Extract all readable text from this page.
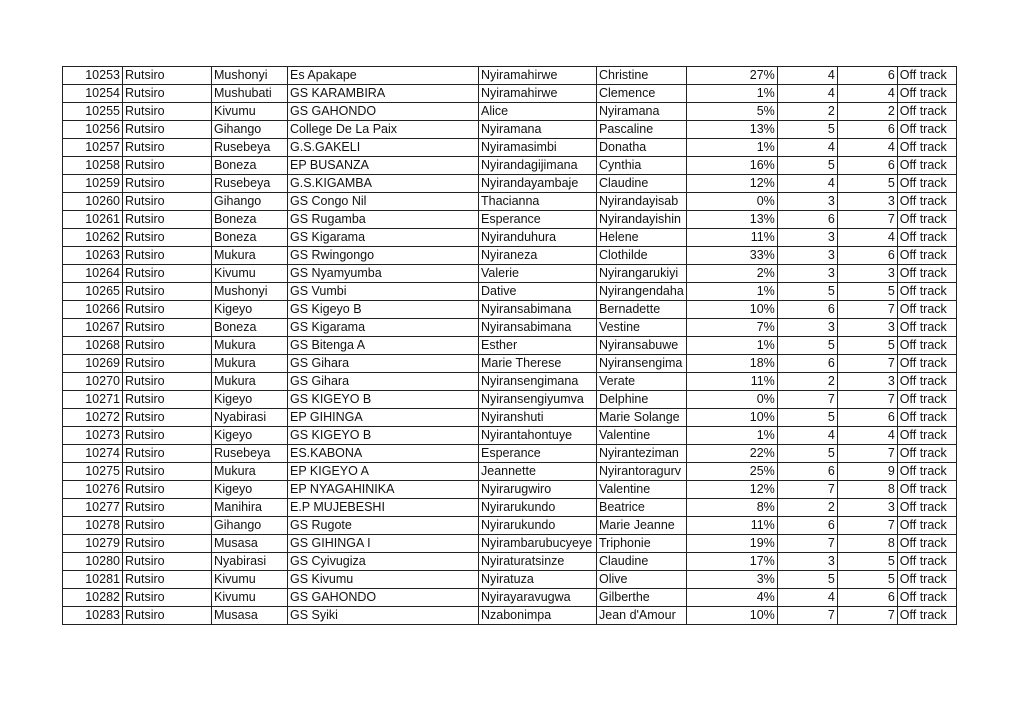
10253	Rutsiro	Mushonyi	Es Apakape	Nyiramahirwe	Christine	27%	4	6	Off track
10254	Rutsiro	Mushubati	GS KARAMBIRA	Nyiramahirwe	Clemence	1%	4	4	Off track
10255	Rutsiro	Kivumu	GS GAHONDO	Alice	Nyiramana	5%	2	2	Off track
10256	Rutsiro	Gihango	College De La Paix	Nyiramana	Pascaline	13%	5	6	Off track
10257	Rutsiro	Rusebeya	G.S.GAKELI	Nyiramasimbi	Donatha	1%	4	4	Off track
10258	Rutsiro	Boneza	EP BUSANZA	Nyirandagijimana	Cynthia	16%	5	6	Off track
10259	Rutsiro	Rusebeya	G.S.KIGAMBA	Nyirandayambaje	Claudine	12%	4	5	Off track
10260	Rutsiro	Gihango	GS Congo Nil	Thacianna	Nyirandayisab	0%	3	3	Off track
10261	Rutsiro	Boneza	GS Rugamba	Esperance	Nyirandayishin	13%	6	7	Off track
10262	Rutsiro	Boneza	GS Kigarama	Nyiranduhura	Helene	11%	3	4	Off track
10263	Rutsiro	Mukura	GS Rwingongo	Nyiraneza	Clothilde	33%	3	6	Off track
10264	Rutsiro	Kivumu	GS Nyamyumba	Valerie	Nyirangarukiyi	2%	3	3	Off track
10265	Rutsiro	Mushonyi	GS Vumbi	Dative	Nyirangendaha	1%	5	5	Off track
10266	Rutsiro	Kigeyo	GS Kigeyo B	Nyiransabimana	Bernadette	10%	6	7	Off track
10267	Rutsiro	Boneza	GS Kigarama	Nyiransabimana	Vestine	7%	3	3	Off track
10268	Rutsiro	Mukura	GS Bitenga A	Esther	Nyiransabuwe	1%	5	5	Off track
10269	Rutsiro	Mukura	GS Gihara	Marie Therese	Nyiransengima	18%	6	7	Off track
10270	Rutsiro	Mukura	GS Gihara	Nyiransengimana	Verate	11%	2	3	Off track
10271	Rutsiro	Kigeyo	GS KIGEYO B	Nyiransengiyumva	Delphine	0%	7	7	Off track
10272	Rutsiro	Nyabirasi	EP GIHINGA	Nyiranshuti	Marie Solange	10%	5	6	Off track
10273	Rutsiro	Kigeyo	GS KIGEYO B	Nyirantahontuye	Valentine	1%	4	4	Off track
10274	Rutsiro	Rusebeya	ES.KABONA	Esperance	Nyiranteziman	22%	5	7	Off track
10275	Rutsiro	Mukura	EP KIGEYO A	Jeannette	Nyirantoragurv	25%	6	9	Off track
10276	Rutsiro	Kigeyo	EP NYAGAHINIKA	Nyirarugwiro	Valentine	12%	7	8	Off track
10277	Rutsiro	Manihira	E.P MUJEBESHI	Nyirarukundo	Beatrice	8%	2	3	Off track
10278	Rutsiro	Gihango	GS Rugote	Nyirarukundo	Marie Jeanne	11%	6	7	Off track
10279	Rutsiro	Musasa	GS GIHINGA I	Nyirambarubucyeye	Triphonie	19%	7	8	Off track
10280	Rutsiro	Nyabirasi	GS Cyivugiza	Nyiraturatsinze	Claudine	17%	3	5	Off track
10281	Rutsiro	Kivumu	GS Kivumu	Nyiratuza	Olive	3%	5	5	Off track
10282	Rutsiro	Kivumu	GS GAHONDO	Nyirayaravugwa	Gilberthe	4%	4	6	Off track
10283	Rutsiro	Musasa	GS Syiki	Nzabonimpa	Jean d'Amour	10%	7	7	Off track
